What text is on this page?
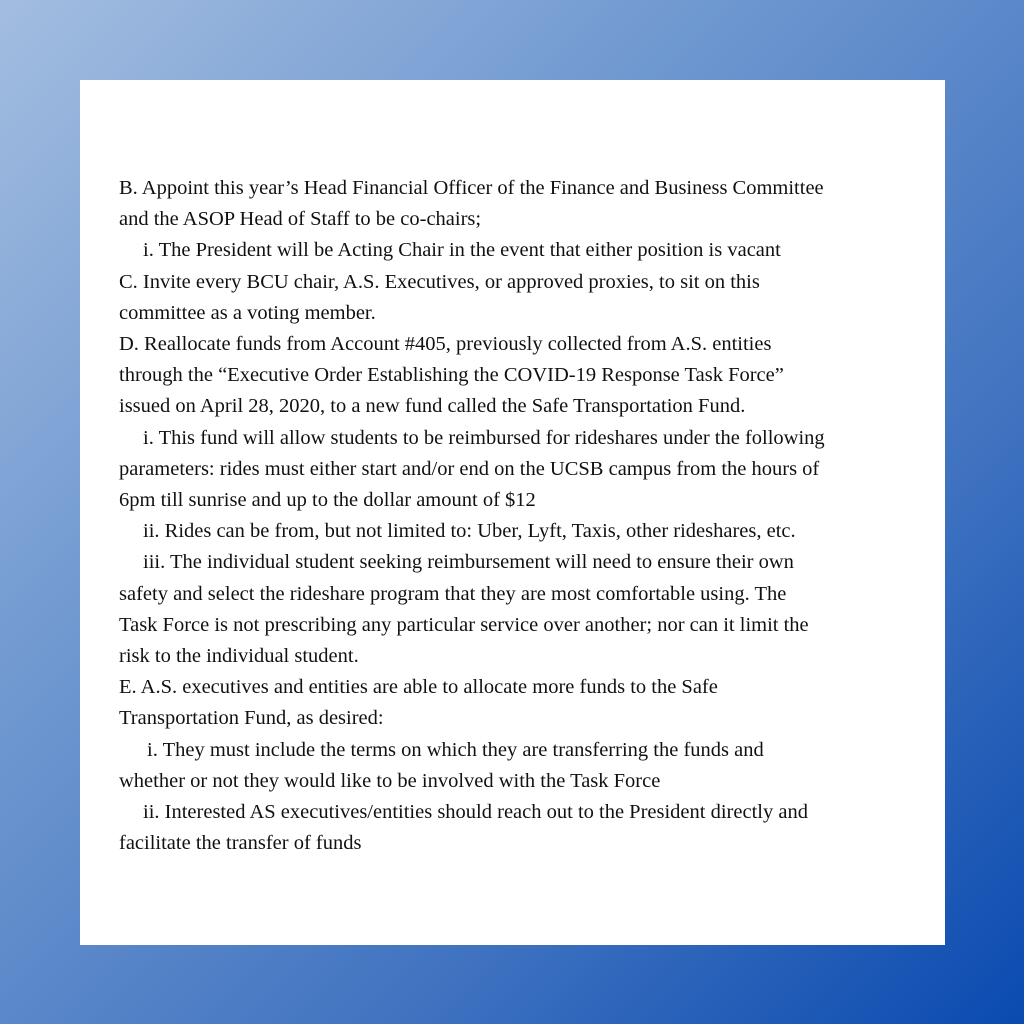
B. Appoint this year’s Head Financial Officer of the Finance and Business Committee
and the ASOP Head of Staff to be co-chairs;
i. The President will be Acting Chair in the event that either position is vacant
C. Invite every BCU chair, A.S. Executives, or approved proxies, to sit on this
committee as a voting member.
D. Reallocate funds from Account #405, previously collected from A.S. entities
through the “Executive Order Establishing the COVID-19 Response Task Force”
issued on April 28, 2020, to a new fund called the Safe Transportation Fund.
i. This fund will allow students to be reimbursed for rideshares under the following
parameters: rides must either start and/or end on the UCSB campus from the hours of
6pm till sunrise and up to the dollar amount of $12
ii. Rides can be from, but not limited to: Uber, Lyft, Taxis, other rideshares, etc.
iii. The individual student seeking reimbursement will need to ensure their own
safety and select the rideshare program that they are most comfortable using. The
Task Force is not prescribing any particular service over another; nor can it limit the
risk to the individual student.
E. A.S. executives and entities are able to allocate more funds to the Safe
Transportation Fund, as desired:
i. They must include the terms on which they are transferring the funds and
whether or not they would like to be involved with the Task Force
ii. Interested AS executives/entities should reach out to the President directly and
facilitate the transfer of funds
